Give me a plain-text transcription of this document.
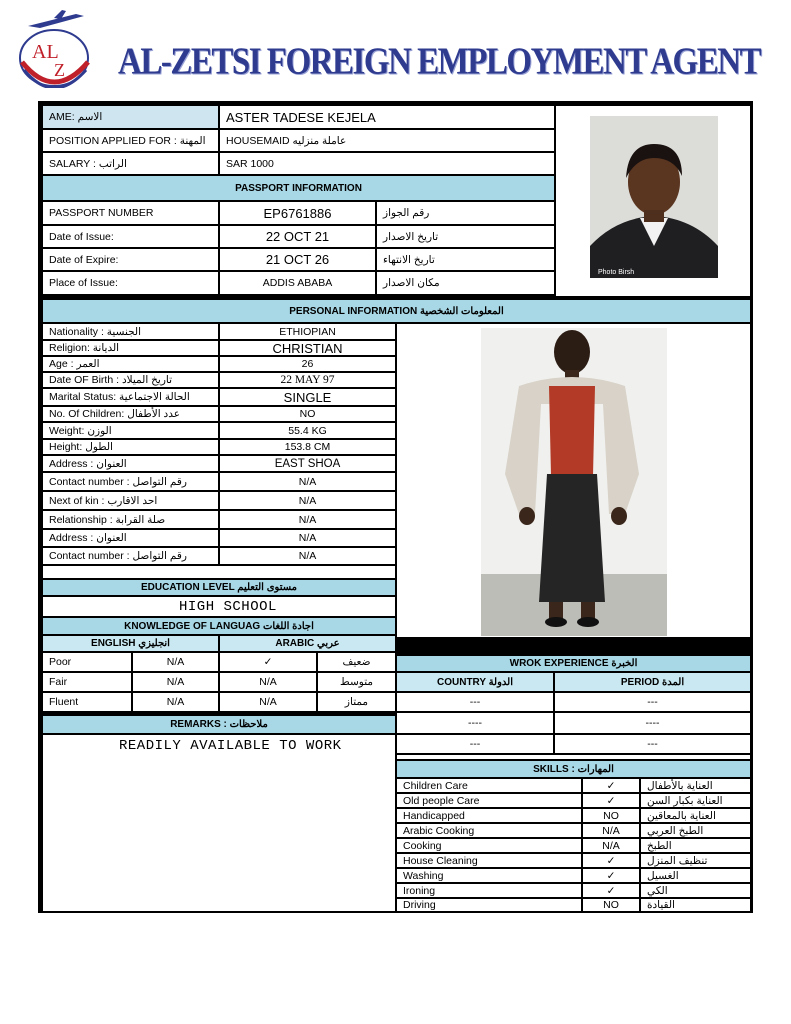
AL
Z AL-ZETSI FOREIGN EMPLOYMENT AGENT
AME: الاسم	ASTER TADESE KEJELA
POSITION APPLIED FOR : المهنة	HOUSEMAID عاملة منزليه
SALARY : الراتب	SAR 1000
Photo Birsh
PASSPORT INFORMATION
PASSPORT NUMBER	EP6761886	رقم الجواز
Date of Issue:	22 OCT 21	تاريخ الاصدار
Date of Expire:	21 OCT 26	تاريخ الانتهاء
Place of Issue:	ADDIS ABABA	مكان الاصدار
PERSONAL INFORMATION المعلومات الشخصية
Nationality : الجنسية	ETHIOPIAN
Religion: الديانة	CHRISTIAN
Age : العمر	26
Date OF Birth : تاريخ الميلاد	22 MAY 97
Marital Status: الحالة الاجتماعية	SINGLE
No. Of Children: عدد الأطفال	NO
Weight: الوزن	55.4 KG
Height: الطول	153.8 CM
Address : العنوان	EAST SHOA
Contact number : رقم التواصل	N/A
Next of kin : احد الاقارب	N/A
Relationship : صلة القرابة	N/A
Address : العنوان	N/A
Contact number : رقم التواصل	N/A
EDUCATION LEVEL مستوى التعليم
HIGH SCHOOL
KNOWLEDGE OF LANGUAG اجادة اللغات
ENGLISH انجليزي	ARABIC عربي
Poor	N/A	✓	ضعيف
Fair	N/A	N/A	متوسط
Fluent	N/A	N/A	ممتاز
REMARKS : ملاحظات
READILY AVAILABLE TO WORK
WROK EXPERIENCE الخبرة
COUNTRY الدولة	PERIOD المدة
---	---
----	----
---	---
SKILLS : المهارات
Children Care	✓	العناية بالأطفال
Old people Care	✓	العناية بكبار السن
Handicapped	NO	العناية بالمعاقين
Arabic Cooking	N/A	الطبخ العربي
Cooking	N/A	الطبخ
House Cleaning	✓	تنظيف المنزل
Washing	✓	الغسيل
Ironing	✓	الكي
Driving	NO	القيادة
